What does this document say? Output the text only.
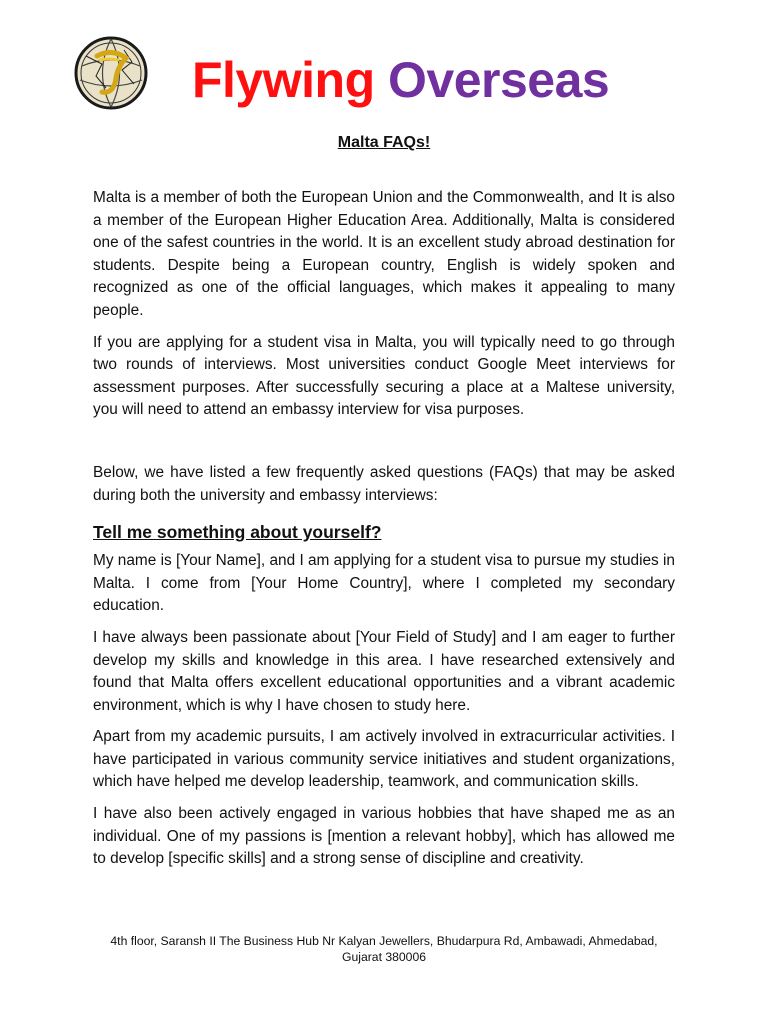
Flywing Overseas
Malta FAQs!

Malta is a member of both the European Union and the Commonwealth, and It is also a member of the European Higher Education Area. Additionally, Malta is considered one of the safest countries in the world. It is an excellent study abroad destination for students. Despite being a European country, English is widely spoken and recognized as one of the official languages, which makes it appealing to many people.

If you are applying for a student visa in Malta, you will typically need to go through two rounds of interviews. Most universities conduct Google Meet interviews for assessment purposes. After successfully securing a place at a Maltese university, you will need to attend an embassy interview for visa purposes.

Below, we have listed a few frequently asked questions (FAQs) that may be asked during both the university and embassy interviews:

Tell me something about yourself?

My name is [Your Name], and I am applying for a student visa to pursue my studies in Malta. I come from [Your Home Country], where I completed my secondary education.

I have always been passionate about [Your Field of Study] and I am eager to further develop my skills and knowledge in this area. I have researched extensively and found that Malta offers excellent educational opportunities and a vibrant academic environment, which is why I have chosen to study here.

Apart from my academic pursuits, I am actively involved in extracurricular activities. I have participated in various community service initiatives and student organizations, which have helped me develop leadership, teamwork, and communication skills.

I have also been actively engaged in various hobbies that have shaped me as an individual. One of my passions is [mention a relevant hobby], which has allowed me to develop [specific skills] and a strong sense of discipline and creativity.

4th floor, Saransh II The Business Hub Nr Kalyan Jewellers, Bhudarpura Rd, Ambawadi, Ahmedabad,
Gujarat 380006
